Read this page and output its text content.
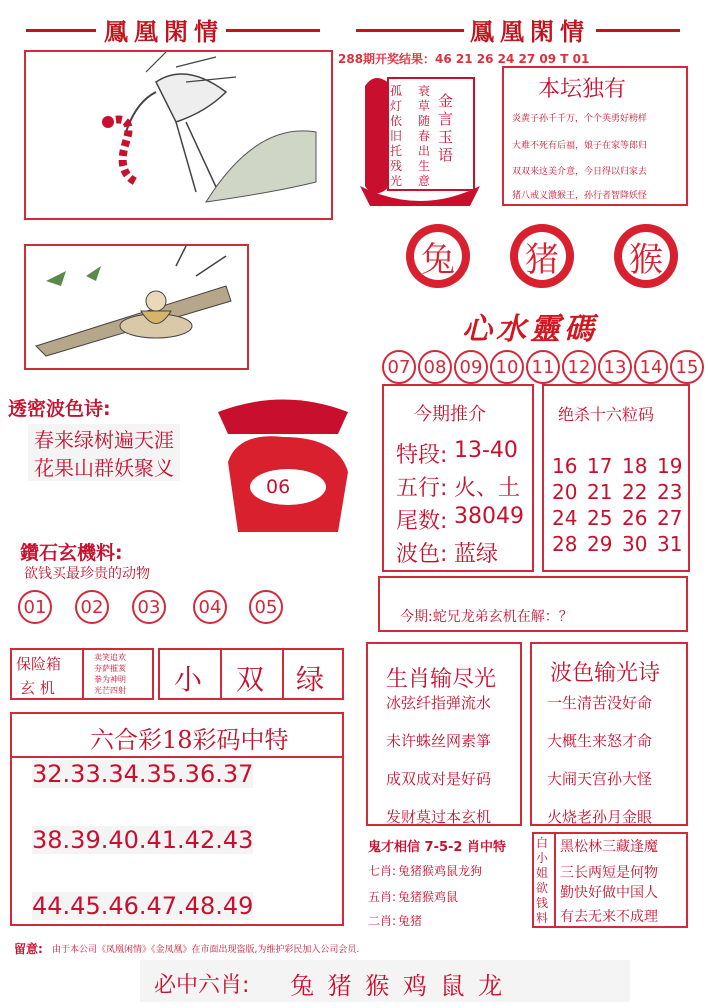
鳳凰閑情	鳳凰閑情
288期开奖结果：46 21 26 24 27 09 T 01
孤灯依旧托残光
衰草随春出生意
金言玉语
本坛独有
炎黄子孙千千万，个个英勇好榜样
大难不死有后福，娘子在家等郎归
双双来这美介意，今日得以归家去
猪八戒义激猴王，孙行者智降妖怪
兔 猪 猴
心水靈碼
07 08 09 10 11 12 13 14 15
透密波色诗:
春来绿树遍天涯
花果山群妖聚义
06
鑽石玄機料:
欲钱买最珍贵的动物
01	02	03	04	05
今期推介
特段: 13-40
五行: 火、土
尾数: 38049
波色: 蓝绿
绝杀十六粒码
16 17 18 19
20 21 22 23
24 25 26 27
28 29 30 31
今期:蛇兄龙弟玄机在解：？
保险箱
玄 机
卖笑追欢
夯萨摧荄
拳为神明
光芒四射 小 双 绿
六合彩18彩码中特
32.33.34.35.36.37
38.39.40.41.42.43
44.45.46.47.48.49
生肖输尽光
冰弦纤指弹流水
未许蛛丝网素箏
成双成对是好码
发财莫过本玄机
波色输光诗
一生清苦没好命
大概生来怒才命
大闹天宫孙大怪
火烧老孙月金眼
鬼才相信 7-5-2 肖中特
七肖: 兔猪猴鸡鼠龙狗
五肖: 兔猪猴鸡鼠
二肖: 兔猪
白小姐欲钱料
黑松林三藏逢魔
三长两短是何物
勤快好做中国人
有去无来不成理
留意: 由于本公司《凤凰闲情》《金凤凰》在市面出现盗版,为维护彩民加入公司会员.
必中六肖: 兔 猪 猴 鸡 鼠 龙
